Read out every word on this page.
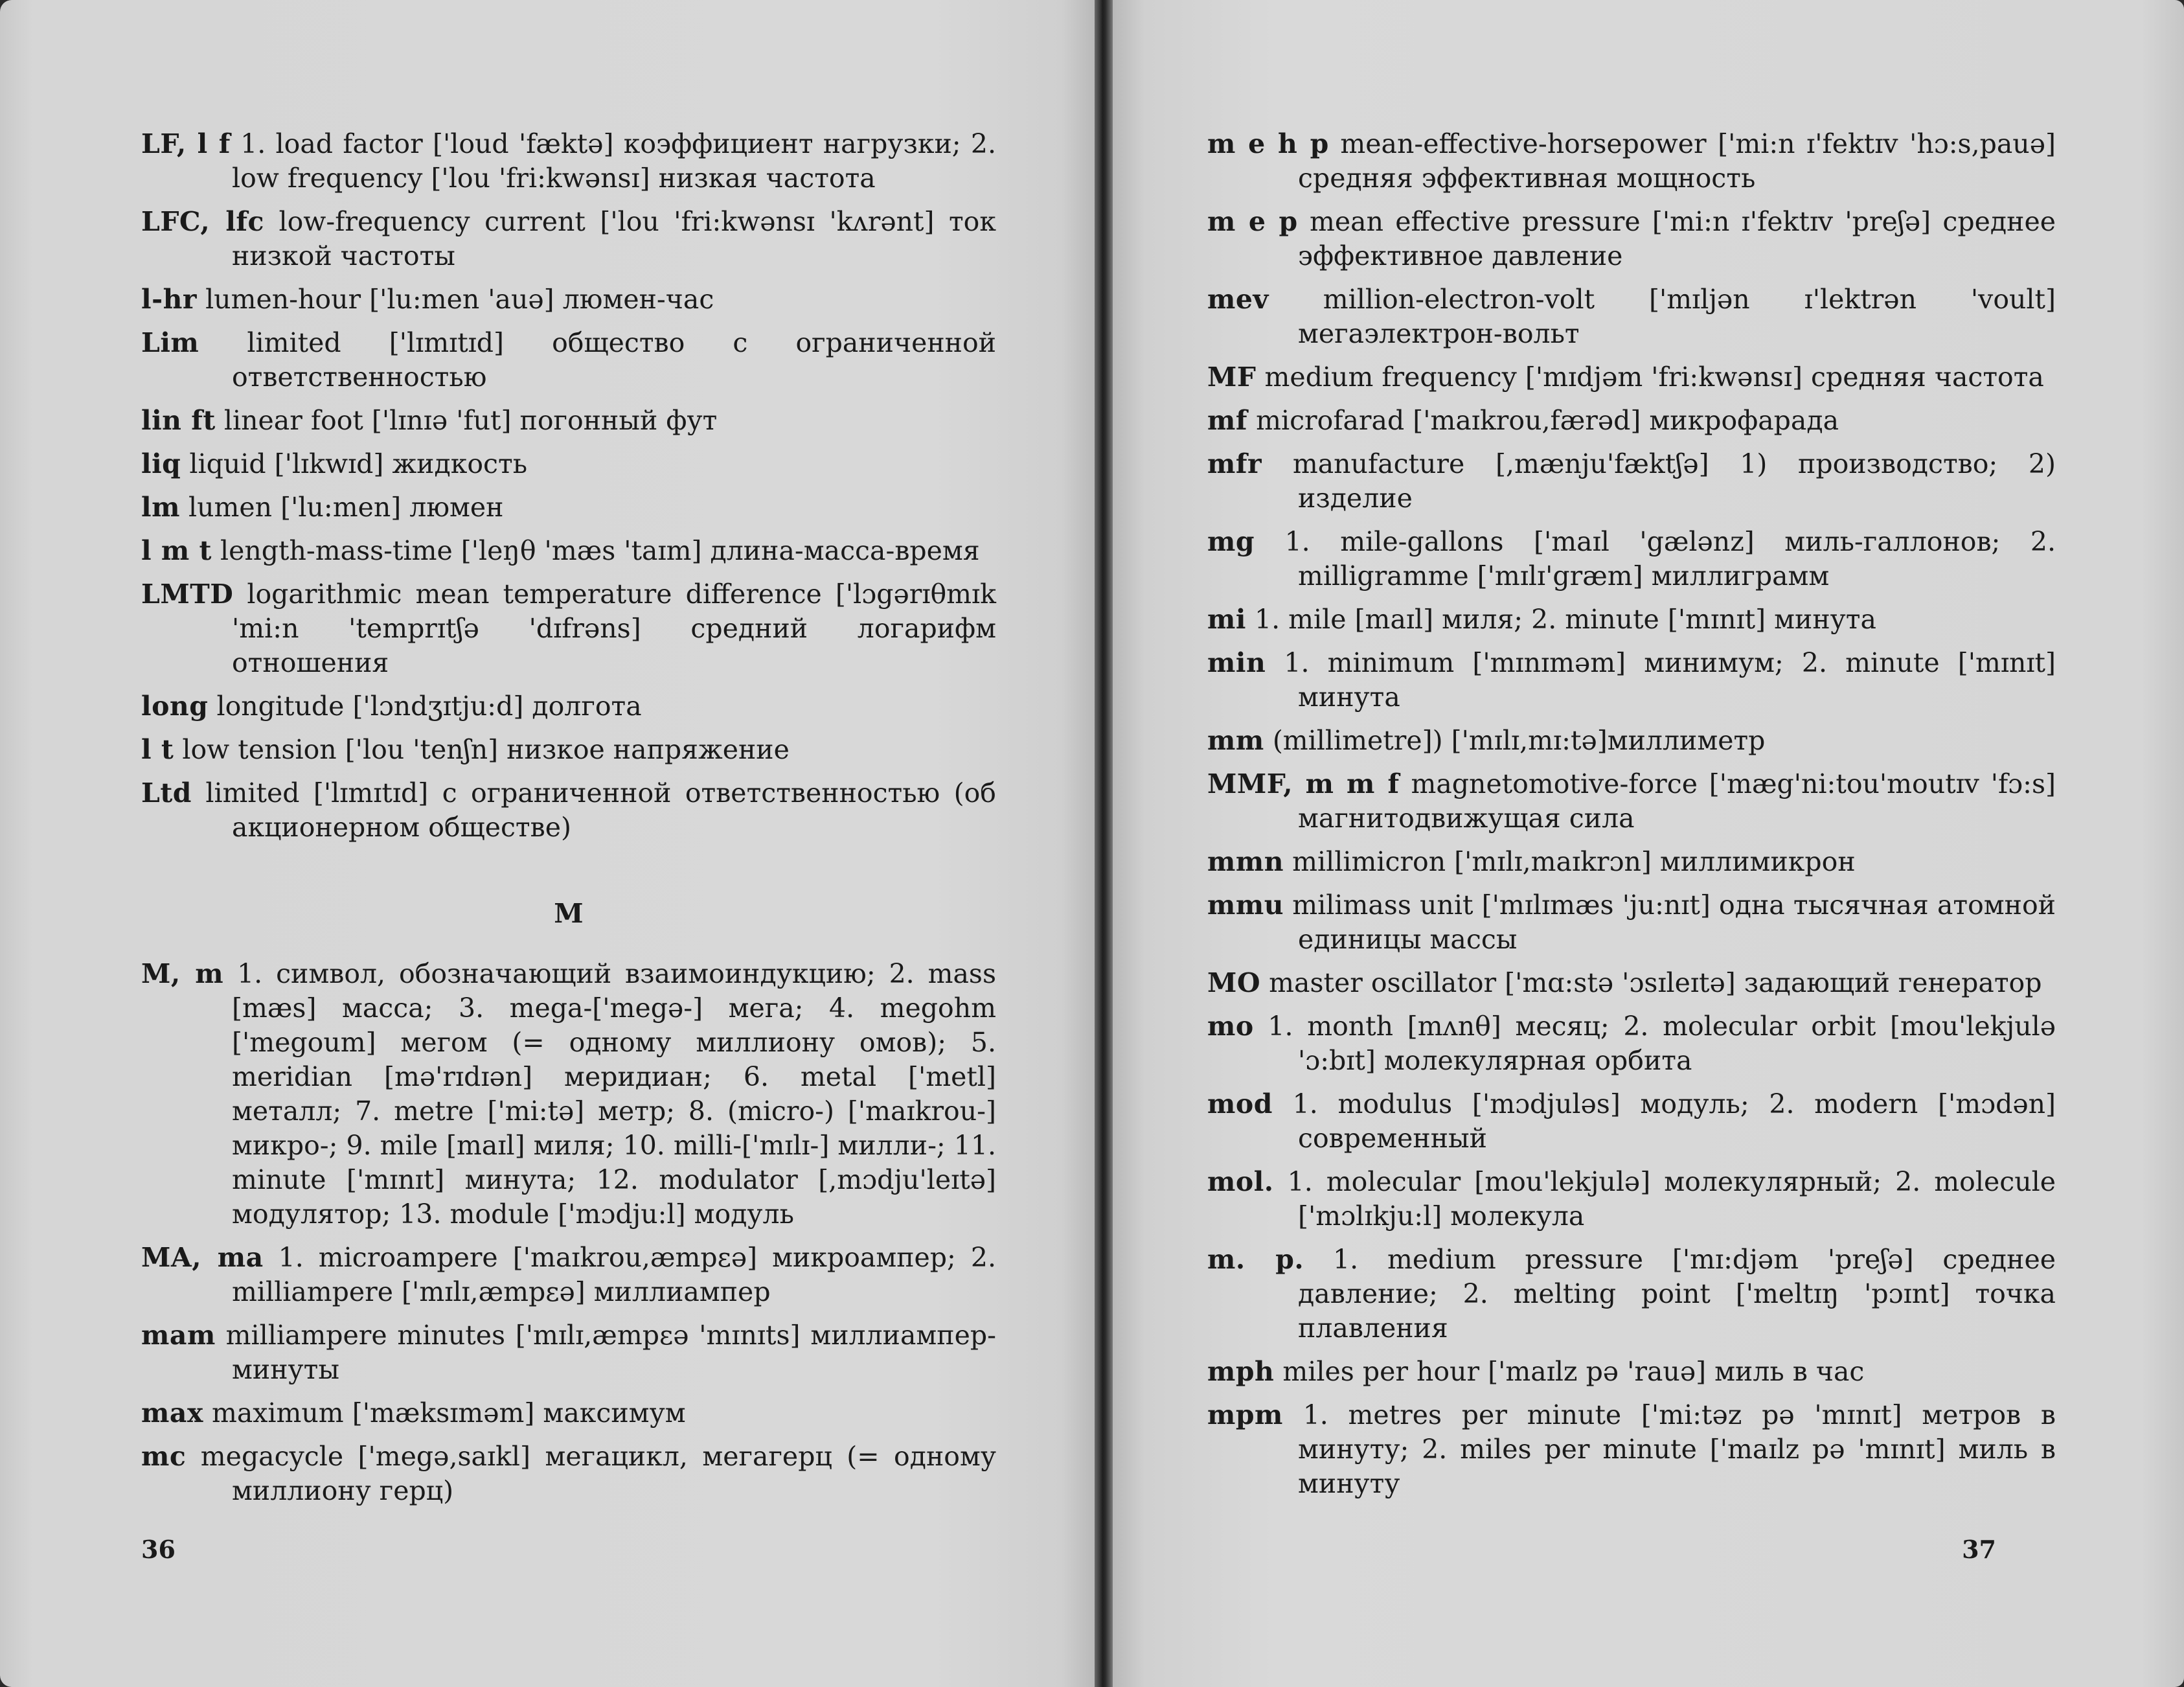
LF, l f 1. load factor ['loud 'fæktə] коэффициент нагрузки; 2. low frequency ['lou 'fri:kwənsɪ] низкая частота
LFC, lfc low-frequency current ['lou 'fri:kwənsɪ 'kʌrənt] ток низкой частоты
l-hr lumen-hour ['lu:men 'auə] люмен-час
Lim limited ['lɪmɪtɪd] общество с ограниченной ответственностью
lin ft linear foot ['lɪnɪə 'fut] погонный фут
liq liquid ['lɪkwɪd] жидкость
lm lumen ['lu:men] люмен
l m t length-mass-time ['leŋθ 'mæs 'taɪm] длина-масса-время
LMTD logarithmic mean temperature difference ['lɔgərɪθmɪk 'mi:n 'temprɪtʃə 'dɪfrəns] средний логарифм отношения
long longitude ['lɔndʒɪtju:d] долгота
l t low tension ['lou 'tenʃn] низкое напряжение
Ltd limited ['lɪmɪtɪd] с ограниченной ответственностью (об акционерном обществе)
M
M, m 1. символ, обозначающий взаимоиндукцию; 2. mass [mæs] масса; 3. mega-['megə-] мега; 4. megohm ['megoum] мегом (= одному миллиону омов); 5. meridian [mə'rɪdɪən] меридиан; 6. metal ['metl] металл; 7. metre ['mi:tə] метр; 8. (micro-) ['maɪkrou-] микро-; 9. mile [maɪl] миля; 10. milli-['mɪlɪ-] милли-; 11. minute ['mɪnɪt] минута; 12. modulator [,mɔdju'leɪtə] модулятор; 13. module ['mɔdju:l] модуль
MA, ma 1. microampere ['maɪkrou,æmpɛə] микроампер; 2. milliampere ['mɪlɪ,æmpɛə] миллиампер
mam milliampere minutes ['mɪlɪ,æmpɛə 'mɪnɪts] миллиампер-минуты
max maximum ['mæksɪməm] максимум
mc megacycle ['megə,saɪkl] мегацикл, мегагерц (= одному миллиону герц)
36
m e h p mean-effective-horsepower ['mi:n ɪ'fektɪv 'hɔ:s,pauə] средняя эффективная мощность
m e p mean effective pressure ['mi:n ɪ'fektɪv 'preʃə] среднее эффективное давление
mev million-electron-volt ['mɪljən ɪ'lektrən 'voult] мегаэлектрон-вольт
MF medium frequency ['mɪdjəm 'fri:kwənsɪ] средняя частота
mf microfarad ['maɪkrou,færəd] микрофарада
mfr manufacture [,mænju'fæktʃə] 1) производство; 2) изделие
mg 1. mile-gallons ['maɪl 'gælənz] миль-галлонов; 2. milligramme ['mɪlɪ'græm] миллиграмм
mi 1. mile [maɪl] миля; 2. minute ['mɪnɪt] минута
min 1. minimum ['mɪnɪməm] минимум; 2. minute ['mɪnɪt] минута
mm (millimetre]) ['mɪlɪ,mɪ:tə]миллиметр
MMF, m m f magnetomotive-force ['mæg'ni:tou'moutɪv 'fɔ:s] магнитодвижущая сила
mmn millimicron ['mɪlɪ,maɪkrɔn] миллимикрон
mmu milimass unit ['mɪlɪmæs 'ju:nɪt] одна тысячная атомной единицы массы
MO master oscillator ['mɑ:stə 'ɔsɪleɪtə] задающий генератор
mo 1. month [mʌnθ] месяц; 2. molecular orbit [mou'lekjulə 'ɔ:bɪt] молекулярная орбита
mod 1. modulus ['mɔdjuləs] модуль; 2. modern ['mɔdən] современный
mol. 1. molecular [mou'lekjulə] молекулярный; 2. molecule ['mɔlɪkju:l] молекула
m. p. 1. medium pressure ['mɪ:djəm 'preʃə] среднее давление; 2. melting point ['meltɪŋ 'pɔɪnt] точка плавления
mph miles per hour ['maɪlz pə 'rauə] миль в час
mpm 1. metres per minute ['mi:təz pə 'mɪnɪt] метров в минуту; 2. miles per minute ['maɪlz pə 'mɪnɪt] миль в минуту
37
